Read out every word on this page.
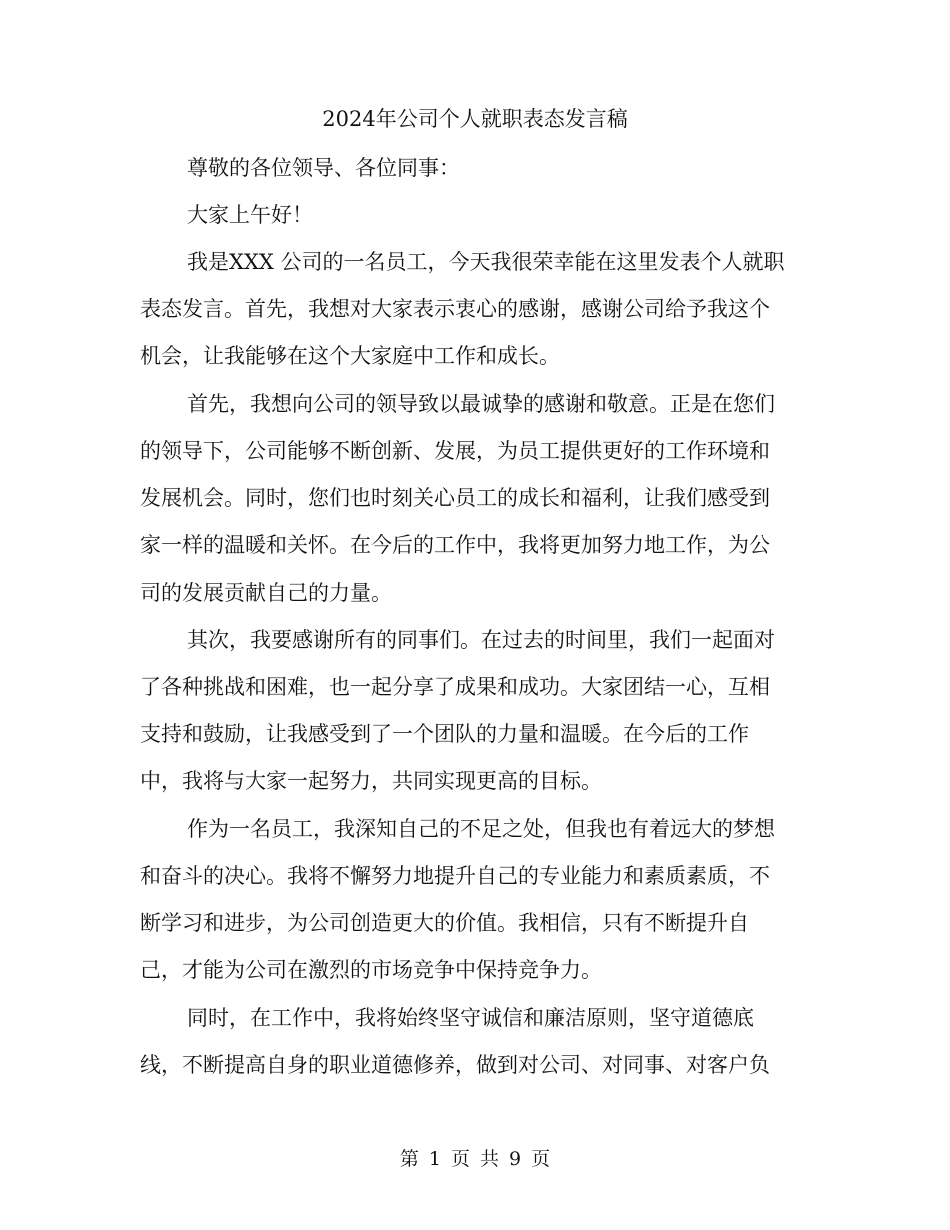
2024年公司个人就职表态发言稿
尊敬的各位领导、各位同事：
大家上午好！
我是XXX 公司的一名员工，今天我很荣幸能在这里发表个人就职
表态发言。首先，我想对大家表示衷心的感谢，感谢公司给予我这个
机会，让我能够在这个大家庭中工作和成长。
首先，我想向公司的领导致以最诚挚的感谢和敬意。正是在您们
的领导下，公司能够不断创新、发展，为员工提供更好的工作环境和
发展机会。同时，您们也时刻关心员工的成长和福利，让我们感受到
家一样的温暖和关怀。在今后的工作中，我将更加努力地工作，为公
司的发展贡献自己的力量。
其次，我要感谢所有的同事们。在过去的时间里，我们一起面对
了各种挑战和困难，也一起分享了成果和成功。大家团结一心，互相
支持和鼓励，让我感受到了一个团队的力量和温暖。在今后的工作
中，我将与大家一起努力，共同实现更高的目标。
作为一名员工，我深知自己的不足之处，但我也有着远大的梦想
和奋斗的决心。我将不懈努力地提升自己的专业能力和素质素质，不
断学习和进步，为公司创造更大的价值。我相信，只有不断提升自
己，才能为公司在激烈的市场竞争中保持竞争力。
同时，在工作中，我将始终坚守诚信和廉洁原则，坚守道德底
线，不断提高自身的职业道德修养，做到对公司、对同事、对客户负
第 1 页 共 9 页
